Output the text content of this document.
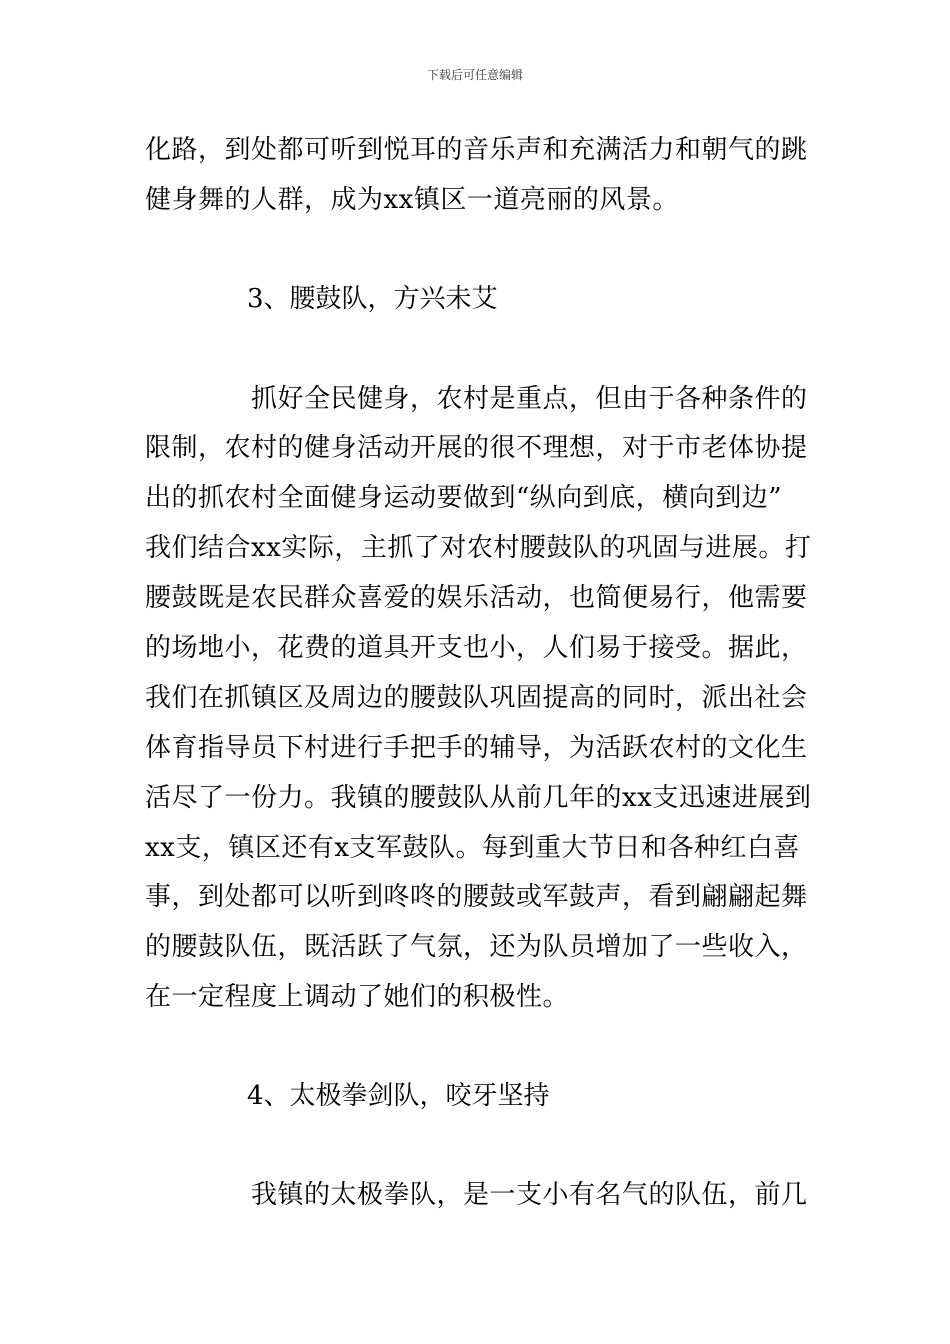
下载后可任意编辑
化路，到处都可听到悦耳的音乐声和充满活力和朝气的跳
健身舞的人群，成为xx镇区一道亮丽的风景。
3、腰鼓队，方兴未艾
抓好全民健身，农村是重点，但由于各种条件的
限制，农村的健身活动开展的很不理想，对于市老体协提
出的抓农村全面健身运动要做到“纵向到底，横向到边”
我们结合xx实际，主抓了对农村腰鼓队的巩固与进展。打
腰鼓既是农民群众喜爱的娱乐活动，也简便易行，他需要
的场地小，花费的道具开支也小，人们易于接受。据此，
我们在抓镇区及周边的腰鼓队巩固提高的同时，派出社会
体育指导员下村进行手把手的辅导，为活跃农村的文化生
活尽了一份力。我镇的腰鼓队从前几年的xx支迅速进展到
xx支，镇区还有x支军鼓队。每到重大节日和各种红白喜
事，到处都可以听到咚咚的腰鼓或军鼓声，看到翩翩起舞
的腰鼓队伍，既活跃了气氛，还为队员增加了一些收入，
在一定程度上调动了她们的积极性。
4、太极拳剑队，咬牙坚持
我镇的太极拳队，是一支小有名气的队伍，前几
